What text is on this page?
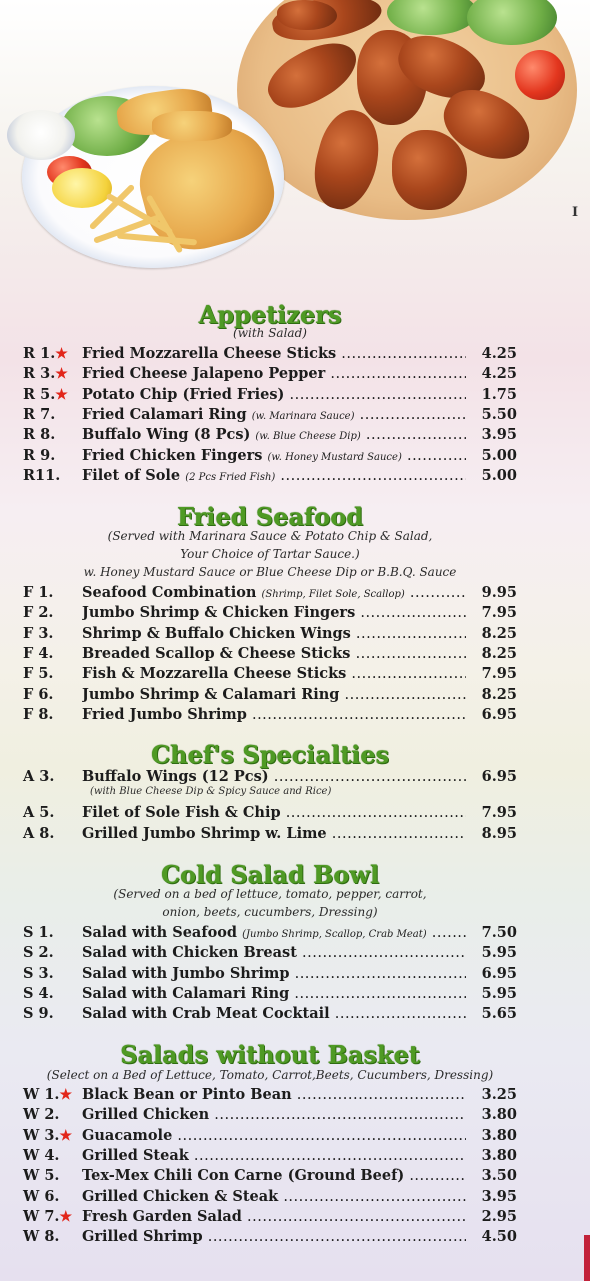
I
Appetizers
(with Salad)
R 1.★ Fried Mozzarella Cheese Sticks .....	4.25
R 3.★ Fried Cheese Jalapeno Pepper .....	4.25
R 5.★ Potato Chip (Fried Fries) .....	1.75
R 7. Fried Calamari Ring (w. Marinara Sauce) .....	5.50
R 8. Buffalo Wing (8 Pcs) (w. Blue Cheese Dip) .....	3.95
R 9. Fried Chicken Fingers (w. Honey Mustard Sauce) .....	5.00
R11. Filet of Sole (2 Pcs Fried Fish) .....	5.00
Fried Seafood
(Served with Marinara Sauce & Potato Chip & Salad,
Your Choice of Tartar Sauce.)
w. Honey Mustard Sauce or Blue Cheese Dip or B.B.Q. Sauce
F 1. Seafood Combination (Shrimp, Filet Sole, Scallop) .....	9.95
F 2. Jumbo Shrimp & Chicken Fingers .....	7.95
F 3. Shrimp & Buffalo Chicken Wings .....	8.25
F 4. Breaded Scallop & Cheese Sticks .....	8.25
F 5. Fish & Mozzarella Cheese Sticks .....	7.95
F 6. Jumbo Shrimp & Calamari Ring .....	8.25
F 8. Fried Jumbo Shrimp .....	6.95
Chef's Specialties
A 3. Buffalo Wings (12 Pcs) .....	6.95
(with Blue Cheese Dip & Spicy Sauce and Rice)
A 5. Filet of Sole Fish & Chip .....	7.95
A 8. Grilled Jumbo Shrimp w. Lime .....	8.95
Cold Salad Bowl
(Served on a bed of lettuce, tomato, pepper, carrot,
onion, beets, cucumbers, Dressing)
S 1. Salad with Seafood (Jumbo Shrimp, Scallop, Crab Meat) .....	7.50
S 2. Salad with Chicken Breast .....	5.95
S 3. Salad with Jumbo Shrimp .....	6.95
S 4. Salad with Calamari Ring .....	5.95
S 9. Salad with Crab Meat Cocktail .....	5.65
Salads without Basket
(Select on a Bed of Lettuce, Tomato, Carrot,Beets, Cucumbers, Dressing)
W 1.★ Black Bean or Pinto Bean .....	3.25
W 2. Grilled Chicken .....	3.80
W 3.★ Guacamole .....	3.80
W 4. Grilled Steak .....	3.80
W 5. Tex-Mex Chili Con Carne (Ground Beef) .....	3.50
W 6. Grilled Chicken & Steak .....	3.95
W 7.★ Fresh Garden Salad .....	2.95
W 8. Grilled Shrimp .....	4.50
